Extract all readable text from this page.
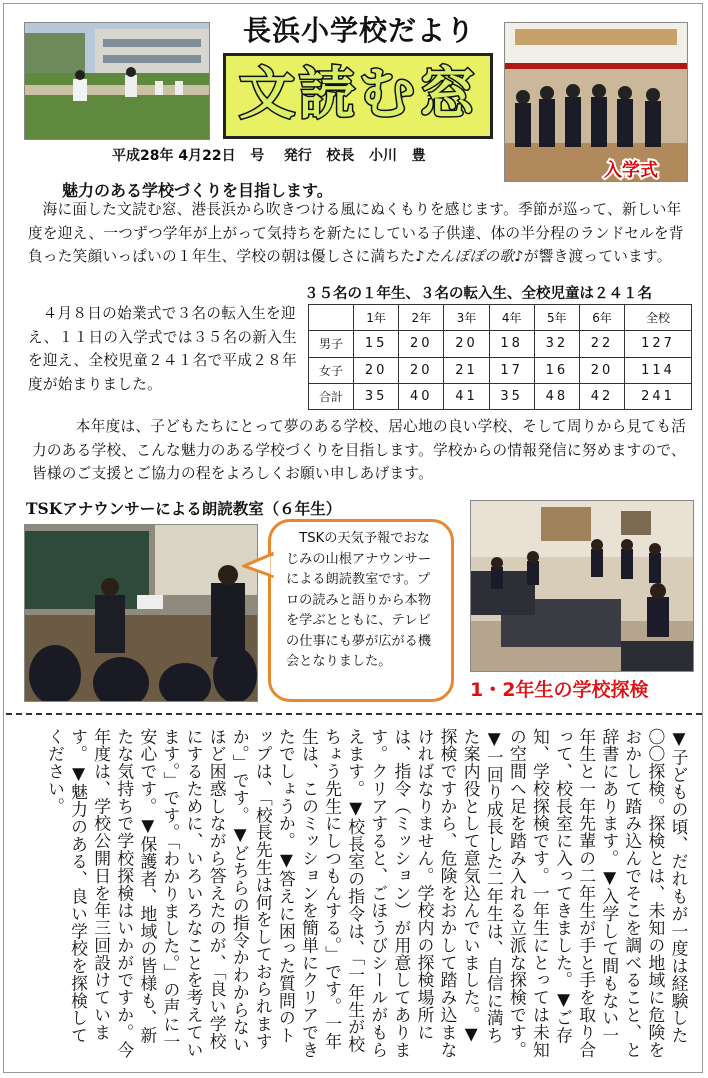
長浜小学校だより
文読む窓
入学式
平成28年 4月22日   号    発行   校長   小川   豊
魅力のある学校づくりを目指します。
海に面した文読む窓、港長浜から吹きつける風にぬくもりを感じます。季節が巡って、新しい年度を迎え、一つずつ学年が上がって気持ちを新たにしている子供達、体の半分程のランドセルを背負った笑顔いっぱいの１年生、学校の朝は優しさに満ちた♪たんぽぽの歌♪が響き渡っています。
４月８日の始業式で３名の転入生を迎え、１１日の入学式では３５名の新入生を迎え、全校児童２４１名で平成２８年度が始まりました。
３５名の１年生、３名の転入生、全校児童は２４１名
	1年	2年	3年	4年	5年	6年	全校
男子	15	20	20	18	32	22	127
女子	20	20	21	17	16	20	114
合計	35	40	41	35	48	42	241
本年度は、子どもたちにとって夢のある学校、居心地の良い学校、そして周りから見ても活力のある学校、こんな魅力のある学校づくりを目指します。学校からの情報発信に努めますので、皆様のご支援とご協力の程をよろしくお願い申しあげます。
TSKアナウンサーによる朗読教室（６年生）
TSKの天気予報でおなじみの山根アナウンサーによる朗読教室です。プロの読みと語りから本物を学ぶとともに、テレビの仕事にも夢が広がる機会となりました。
1・2年生の学校探検
▼子どもの頃、だれもが一度は経験した〇〇探検。探検とは、未知の地域に危険をおかして踏み込んでそこを調べること、と辞書にあります。▼入学して間もない一年生と一年先輩の二年生が手と手を取り合って、校長室に入ってきました。▼ご存知、学校探検です。一年生にとっては未知の空間へ足を踏み入れる立派な探検です。▼一回り成長した二年生は、自信に満ちた案内役として意気込んでいました。▼探検ですから、危険をおかして踏み込まなければなりません。学校内の探検場所には、指令（ミッション）が用意してあります。クリアすると、ごほうびシールがもらえます。▼校長室の指令は、「一年生が校ちょう先生にしつもんする。」です。一年生は、このミッションを簡単にクリアできたでしょうか。▼答えに困った質問のトップは、「校長先生は何をしておられますか。」です。▼どちらの指令かわからないほど困惑しながら答えたのが、「良い学校にするために、いろいろなことを考えています。」です。「わかりました。」の声に一安心です。▼保護者、地域の皆様も、新たな気持ちで学校探検はいかがですか。今年度は、学校公開日を年三回設けています。▼魅力のある、良い学校を探検してください。
